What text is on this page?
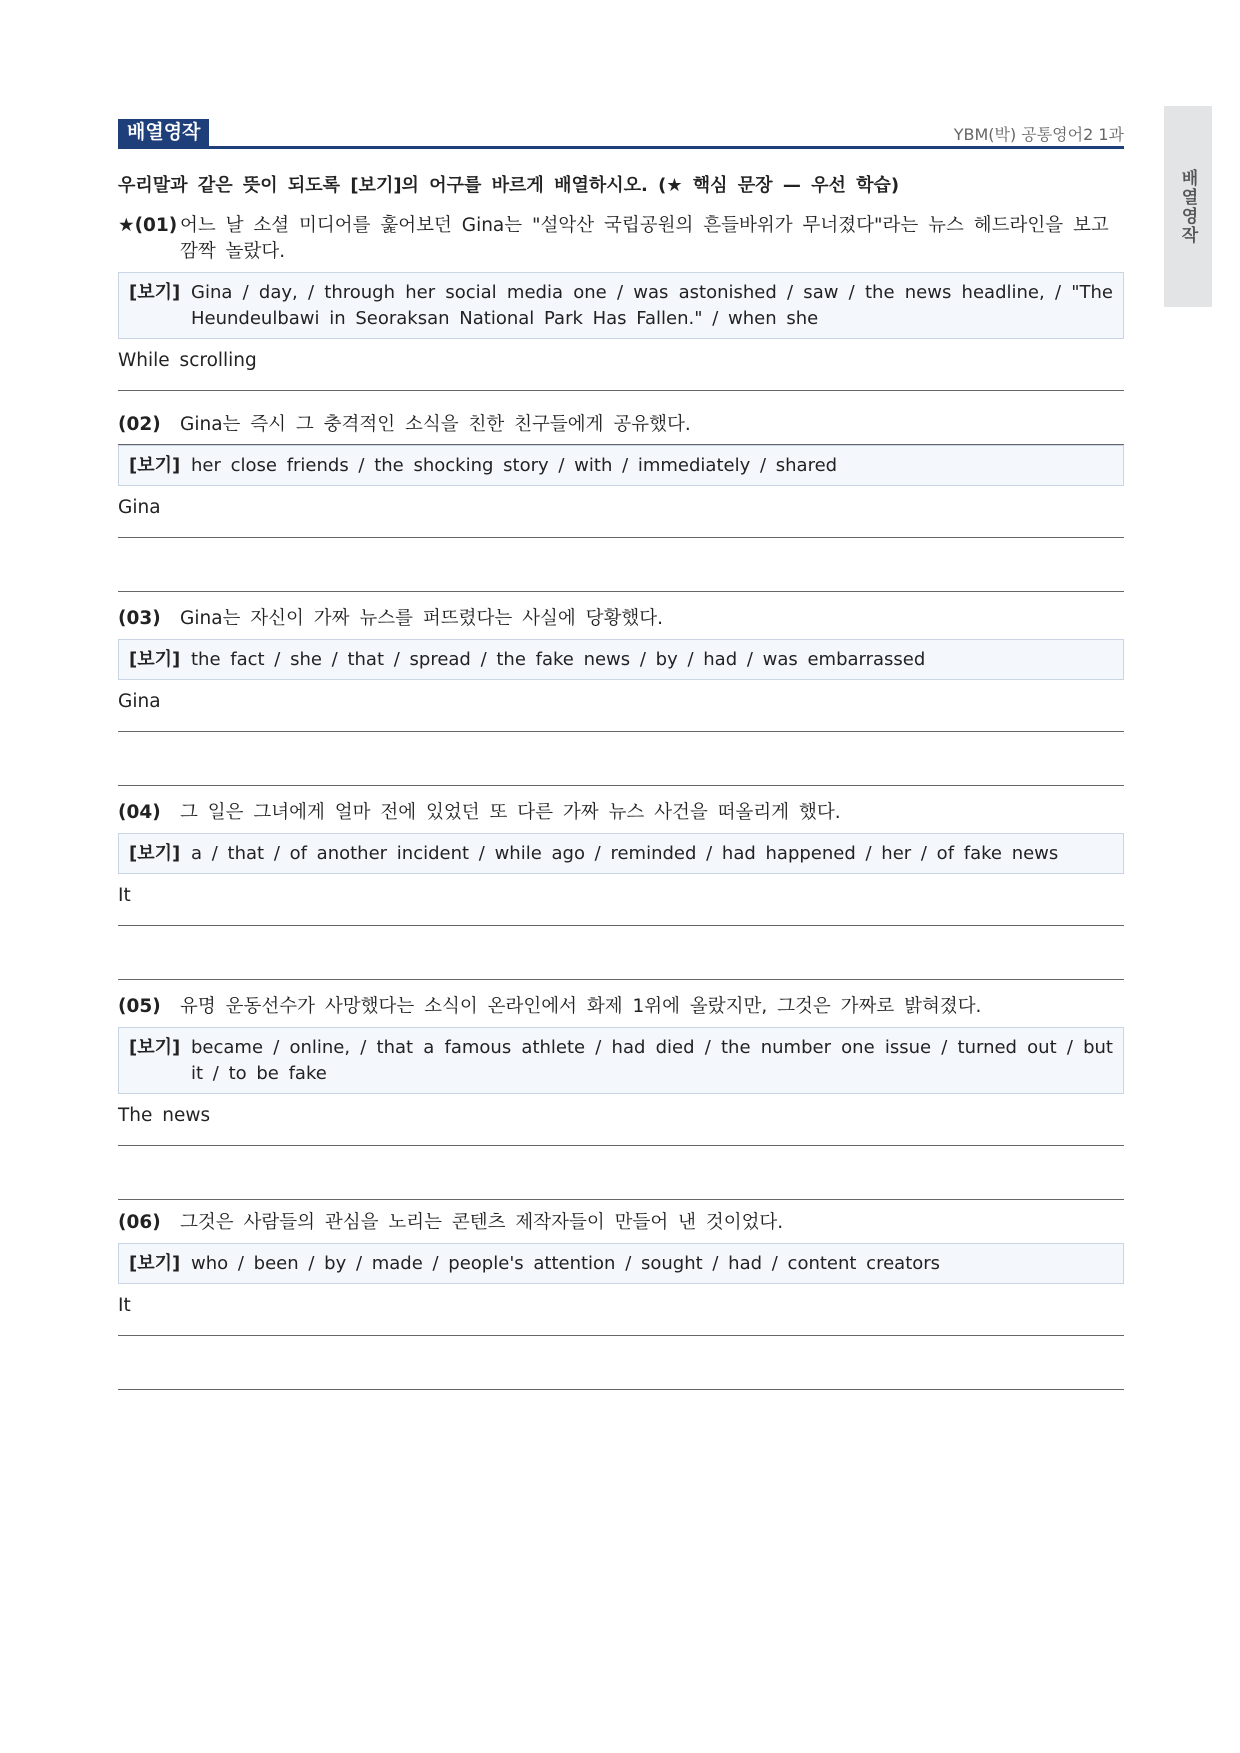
배열영작
배열영작	YBM(박) 공통영어2 1과
우리말과 같은 뜻이 되도록 [보기]의 어구를 바르게 배열하시오. (★ 핵심 문장 — 우선 학습)
★(01) 어느 날 소셜 미디어를 훑어보던 Gina는 "설악산 국립공원의 흔들바위가 무너졌다"라는 뉴스 헤드라인을 보고 깜짝 놀랐다.
[보기] Gina / day, / through her social media one / was astonished / saw / the news headline, / "The Heundeulbawi in Seoraksan National Park Has Fallen." / when she
While scrolling
(02)	Gina는 즉시 그 충격적인 소식을 친한 친구들에게 공유했다.
[보기] her close friends / the shocking story / with / immediately / shared
Gina
(03)	Gina는 자신이 가짜 뉴스를 퍼뜨렸다는 사실에 당황했다.
[보기] the fact / she / that / spread / the fake news / by / had / was embarrassed
Gina
(04)	그 일은 그녀에게 얼마 전에 있었던 또 다른 가짜 뉴스 사건을 떠올리게 했다.
[보기] a / that / of another incident / while ago / reminded / had happened / her / of fake news
It
(05)	유명 운동선수가 사망했다는 소식이 온라인에서 화제 1위에 올랐지만, 그것은 가짜로 밝혀졌다.
[보기] became / online, / that a famous athlete / had died / the number one issue / turned out / but it / to be fake
The news
(06)	그것은 사람들의 관심을 노리는 콘텐츠 제작자들이 만들어 낸 것이었다.
[보기] who / been / by / made / people's attention / sought / had / content creators
It
